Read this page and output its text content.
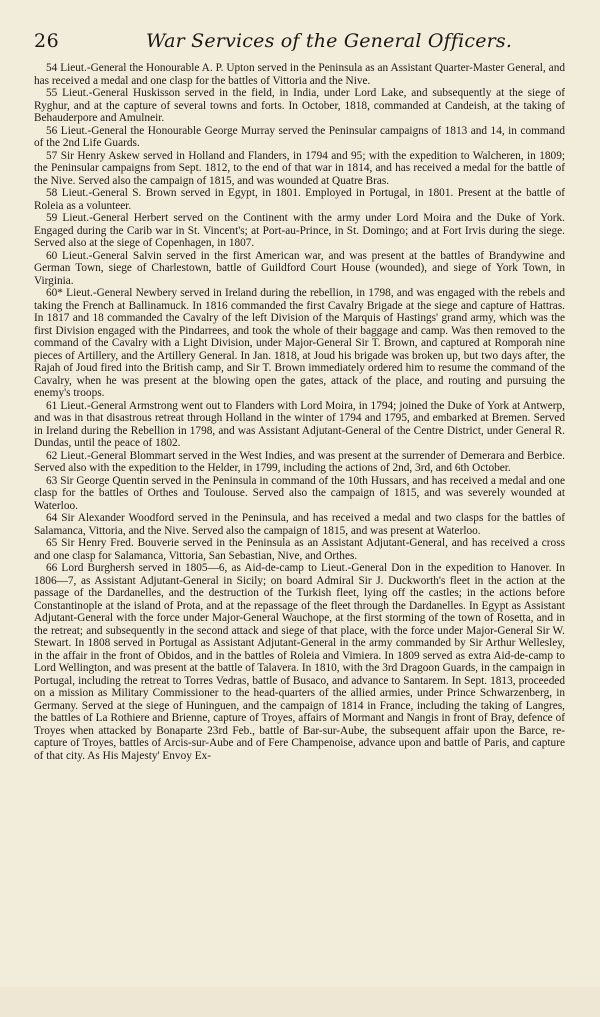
26	War Services of the General Officers.

54 Lieut.-General the Honourable A. P. Upton served in the Peninsula as an Assistant Quarter-Master General, and has received a medal and one clasp for the battles of Vittoria and the Nive.

55 Lieut.-General Huskisson served in the field, in India, under Lord Lake, and subsequently at the siege of Ryghur, and at the capture of several towns and forts. In October, 1818, commanded at Candeish, at the taking of Behauderpore and Amulneir.

56 Lieut.-General the Honourable George Murray served the Peninsular campaigns of 1813 and 14, in command of the 2nd Life Guards.

57 Sir Henry Askew served in Holland and Flanders, in 1794 and 95; with the expedition to Walcheren, in 1809; the Peninsular campaigns from Sept. 1812, to the end of that war in 1814, and has received a medal for the battle of the Nive. Served also the campaign of 1815, and was wounded at Quatre Bras.

58 Lieut.-General S. Brown served in Egypt, in 1801. Employed in Portugal, in 1801. Present at the battle of Roleia as a volunteer.

59 Lieut.-General Herbert served on the Continent with the army under Lord Moira and the Duke of York. Engaged during the Carib war in St. Vincent's; at Port-au-Prince, in St. Domingo; and at Fort Irvis during the siege. Served also at the siege of Copenhagen, in 1807.

60 Lieut.-General Salvin served in the first American war, and was present at the battles of Brandywine and German Town, siege of Charlestown, battle of Guildford Court House (wounded), and siege of York Town, in Virginia.

60* Lieut.-General Newbery served in Ireland during the rebellion, in 1798, and was engaged with the rebels and taking the French at Ballinamuck. In 1816 commanded the first Cavalry Brigade at the siege and capture of Hattras. In 1817 and 18 commanded the Cavalry of the left Division of the Marquis of Hastings' grand army, which was the first Division engaged with the Pindarrees, and took the whole of their baggage and camp. Was then removed to the command of the Cavalry with a Light Division, under Major-General Sir T. Brown, and captured at Romporah nine pieces of Artillery, and the Artillery General. In Jan. 1818, at Joud his brigade was broken up, but two days after, the Rajah of Joud fired into the British camp, and Sir T. Brown immediately ordered him to resume the command of the Cavalry, when he was present at the blowing open the gates, attack of the place, and routing and pursuing the enemy's troops.

61 Lieut.-General Armstrong went out to Flanders with Lord Moira, in 1794; joined the Duke of York at Antwerp, and was in that disastrous retreat through Holland in the winter of 1794 and 1795, and embarked at Bremen. Served in Ireland during the Rebellion in 1798, and was Assistant Adjutant-General of the Centre District, under General R. Dundas, until the peace of 1802.

62 Lieut.-General Blommart served in the West Indies, and was present at the surrender of Demerara and Berbice. Served also with the expedition to the Helder, in 1799, including the actions of 2nd, 3rd, and 6th October.

63 Sir George Quentin served in the Peninsula in command of the 10th Hussars, and has received a medal and one clasp for the battles of Orthes and Toulouse. Served also the campaign of 1815, and was severely wounded at Waterloo.

64 Sir Alexander Woodford served in the Peninsula, and has received a medal and two clasps for the battles of Salamanca, Vittoria, and the Nive. Served also the campaign of 1815, and was present at Waterloo.

65 Sir Henry Fred. Bouverie served in the Peninsula as an Assistant Adjutant-General, and has received a cross and one clasp for Salamanca, Vittoria, San Sebastian, Nive, and Orthes.

66 Lord Burghersh served in 1805—6, as Aid-de-camp to Lieut.-General Don in the expedition to Hanover. In 1806—7, as Assistant Adjutant-General in Sicily; on board Admiral Sir J. Duckworth's fleet in the action at the passage of the Dardanelles, and the destruction of the Turkish fleet, lying off the castles; in the actions before Constantinople at the island of Prota, and at the repassage of the fleet through the Dardanelles. In Egypt as Assistant Adjutant-General with the force under Major-General Wauchope, at the first storming of the town of Rosetta, and in the retreat; and subsequently in the second attack and siege of that place, with the force under Major-General Sir W. Stewart. In 1808 served in Portugal as Assistant Adjutant-General in the army commanded by Sir Arthur Wellesley, in the affair in the front of Obidos, and in the battles of Roleia and Vimiera. In 1809 served as extra Aid-de-camp to Lord Wellington, and was present at the battle of Talavera. In 1810, with the 3rd Dragoon Guards, in the campaign in Portugal, including the retreat to Torres Vedras, battle of Busaco, and advance to Santarem. In Sept. 1813, proceeded on a mission as Military Commissioner to the head-quarters of the allied armies, under Prince Schwarzenberg, in Germany. Served at the siege of Huninguen, and the campaign of 1814 in France, including the taking of Langres, the battles of La Rothiere and Brienne, capture of Troyes, affairs of Mormant and Nangis in front of Bray, defence of Troyes when attacked by Bonaparte 23rd Feb., battle of Bar-sur-Aube, the subsequent affair upon the Barce, re-capture of Troyes, battles of Arcis-sur-Aube and of Fere Champenoise, advance upon and battle of Paris, and capture of that city. As His Majesty' Envoy Ex-
